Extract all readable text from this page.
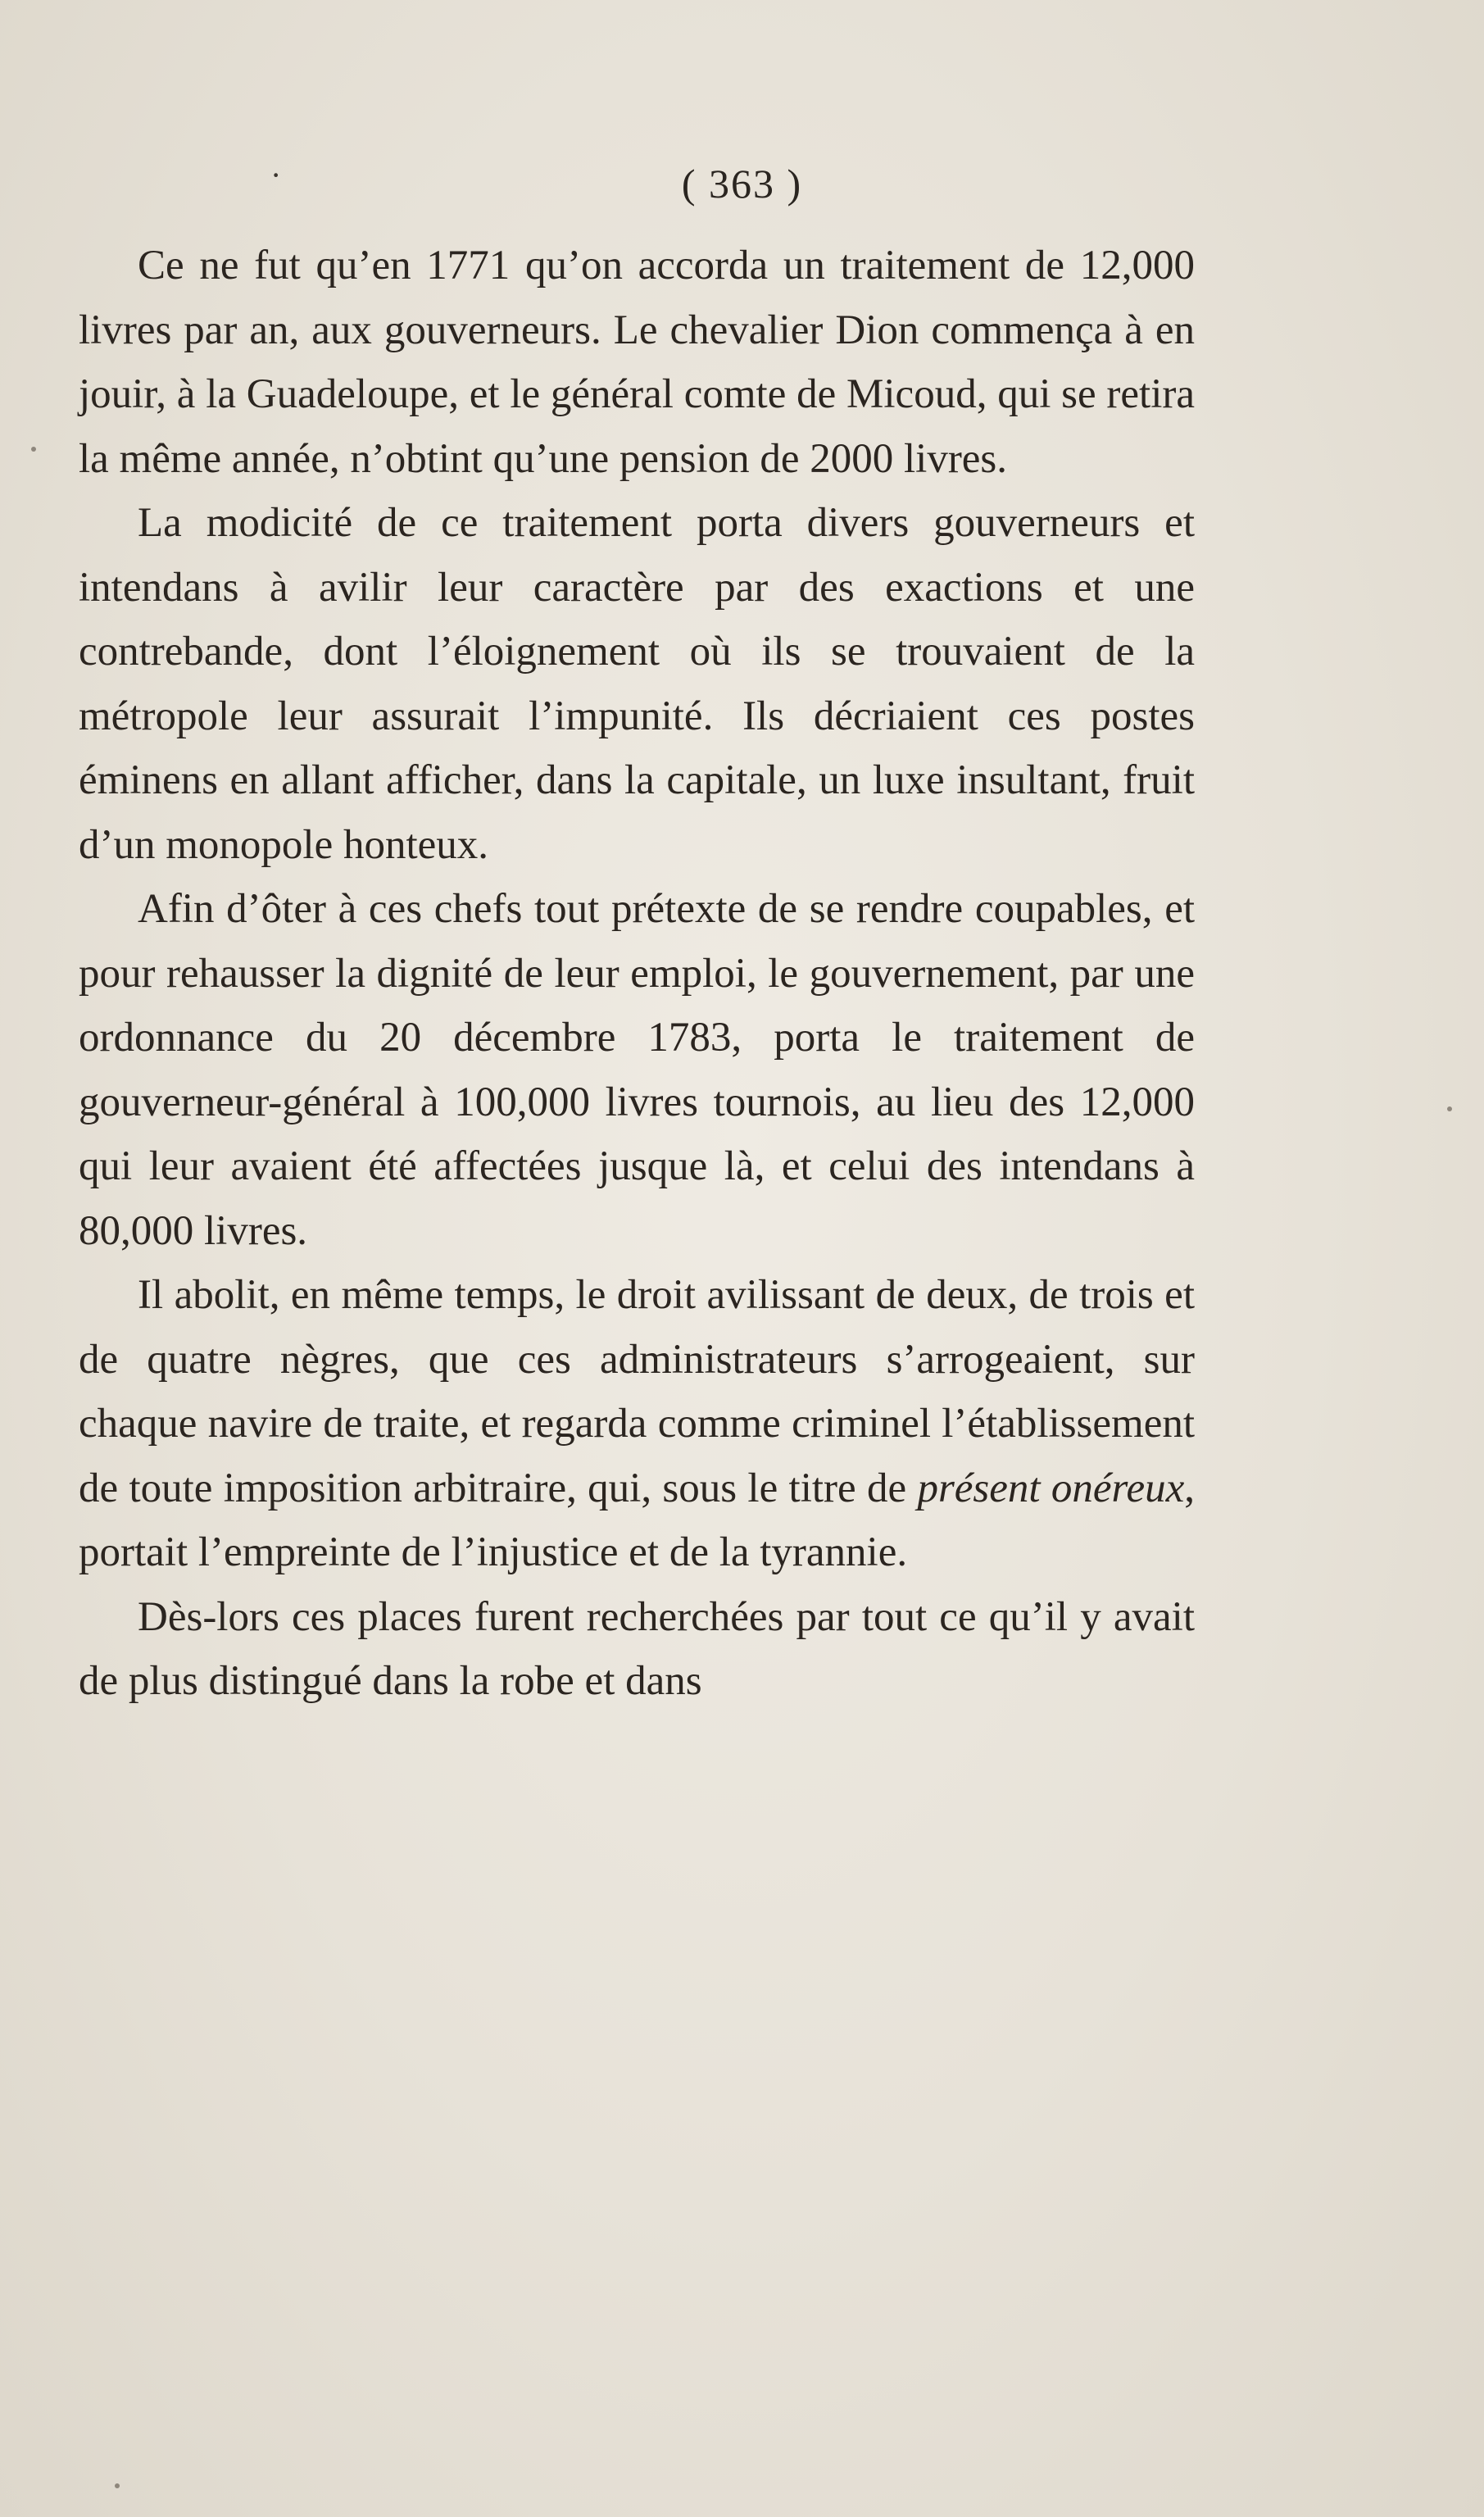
·	( 363 )

Ce ne fut qu’en 1771 qu’on accorda un traitement de 12,000 livres par an, aux gouverneurs. Le chevalier Dion commença à en jouir, à la Guadeloupe, et le général comte de Micoud, qui se retira la même année, n’obtint qu’une pension de 2000 livres.

La modicité de ce traitement porta divers gouverneurs et intendans à avilir leur caractère par des exactions et une contrebande, dont l’éloignement où ils se trouvaient de la métropole leur assurait l’impunité. Ils décriaient ces postes éminens en allant afficher, dans la capitale, un luxe insultant, fruit d’un monopole honteux.

Afin d’ôter à ces chefs tout prétexte de se rendre coupables, et pour rehausser la dignité de leur emploi, le gouvernement, par une ordonnance du 20 décembre 1783, porta le traitement de gouverneur-général à 100,000 livres tournois, au lieu des 12,000 qui leur avaient été affectées jusque là, et celui des intendans à 80,000 livres.

Il abolit, en même temps, le droit avilissant de deux, de trois et de quatre nègres, que ces administrateurs s’arrogeaient, sur chaque navire de traite, et regarda comme criminel l’établissement de toute imposition arbitraire, qui, sous le titre de présent onéreux, portait l’empreinte de l’injustice et de la tyrannie.

Dès-lors ces places furent recherchées par tout ce qu’il y avait de plus distingué dans la robe et dans
